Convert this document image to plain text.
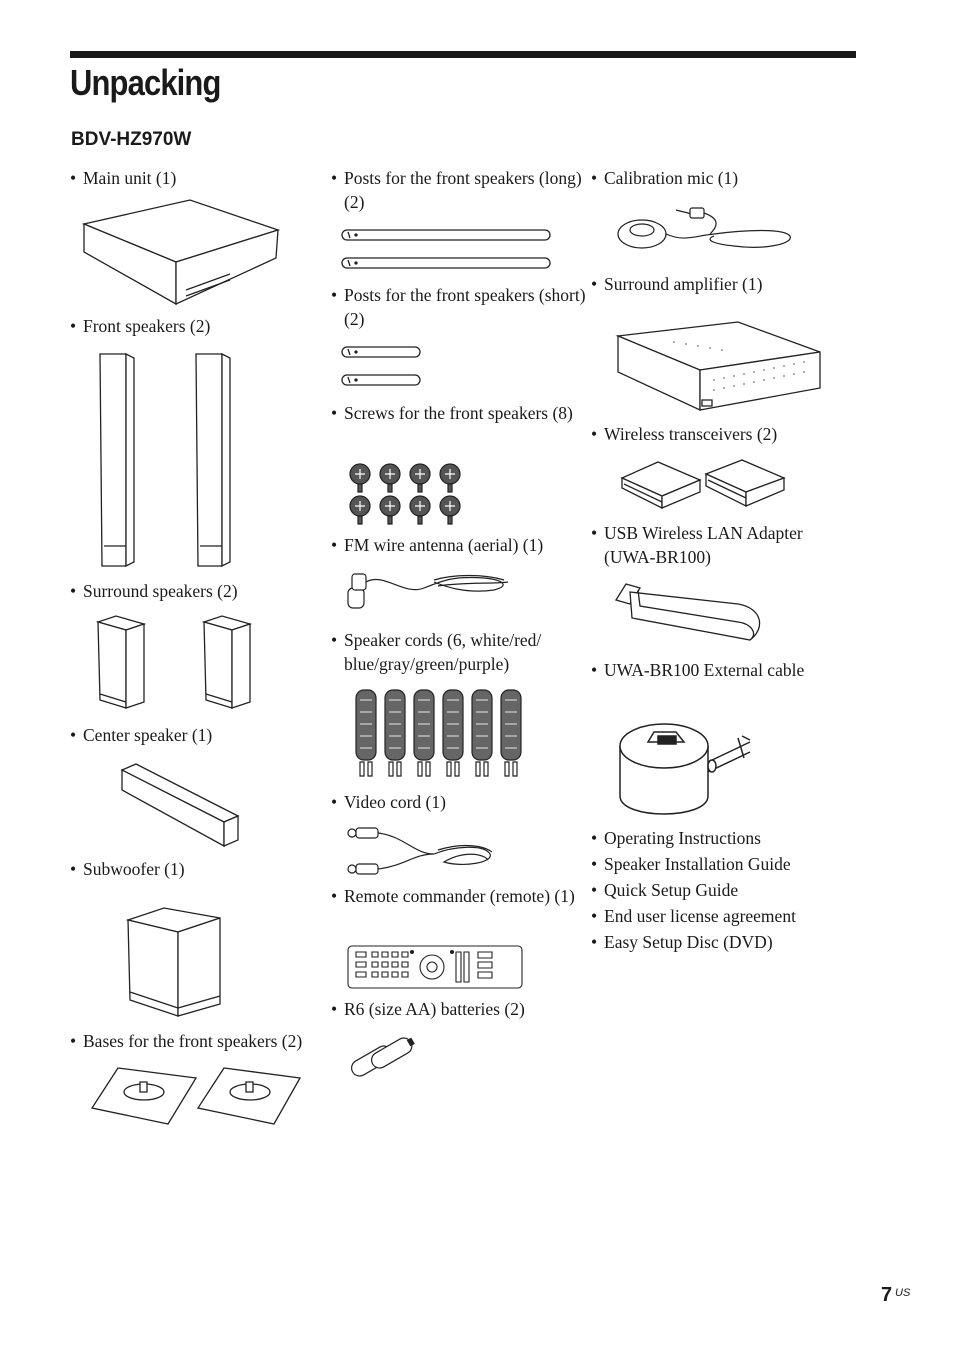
Unpacking
BDV-HZ970W
• Main unit (1)
• Front speakers (2)
• Surround speakers (2)
• Center speaker (1)
• Subwoofer (1)
• Bases for the front speakers (2)
• Posts for the front speakers (long) (2)
• Posts for the front speakers (short) (2)
• Screws for the front speakers (8)
• FM wire antenna (aerial) (1)
• Speaker cords (6, white/red/ blue/gray/green/purple)
• Video cord (1)
• Remote commander (remote) (1)
• R6 (size AA) batteries (2)
• Calibration mic (1)
• Surround amplifier (1)
• Wireless transceivers (2)
• USB Wireless LAN Adapter (UWA-BR100)
• UWA-BR100 External cable
• Operating Instructions
• Speaker Installation Guide
• Quick Setup Guide
• End user license agreement
• Easy Setup Disc (DVD)
7 US
